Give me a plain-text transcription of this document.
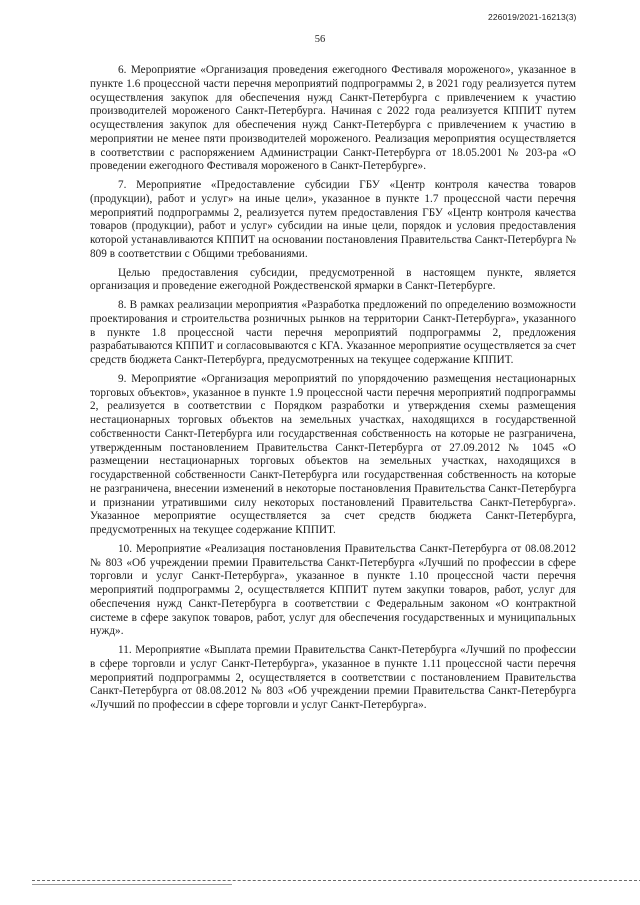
226019/2021-16213(3)
56

6. Мероприятие «Организация проведения ежегодного Фестиваля мороженого», указанное в пункте 1.6 процессной части перечня мероприятий подпрограммы 2, в 2021 году реализуется путем осуществления закупок для обеспечения нужд Санкт-Петербурга с привлечением к участию производителей мороженого Санкт-Петербурга. Начиная с 2022 года реализуется КППИТ путем осуществления закупок для обеспечения нужд Санкт-Петербурга с привлечением к участию в мероприятии не менее пяти производителей мороженого. Реализация мероприятия осуществляется в соответствии с распоряжением Администрации Санкт-Петербурга от 18.05.2001 № 203-ра «О проведении ежегодного Фестиваля мороженого в Санкт-Петербурге».

7. Мероприятие «Предоставление субсидии ГБУ «Центр контроля качества товаров (продукции), работ и услуг» на иные цели», указанное в пункте 1.7 процессной части перечня мероприятий подпрограммы 2, реализуется путем предоставления ГБУ «Центр контроля качества товаров (продукции), работ и услуг» субсидии на иные цели, порядок и условия предоставления которой устанавливаются КППИТ на основании постановления Правительства Санкт-Петербурга № 809 в соответствии с Общими требованиями.

Целью предоставления субсидии, предусмотренной в настоящем пункте, является организация и проведение ежегодной Рождественской ярмарки в Санкт-Петербурге.

8. В рамках реализации мероприятия «Разработка предложений по определению возможности проектирования и строительства розничных рынков на территории Санкт-Петербурга», указанного в пункте 1.8 процессной части перечня мероприятий подпрограммы 2, предложения разрабатываются КППИТ и согласовываются с КГА. Указанное мероприятие осуществляется за счет средств бюджета Санкт-Петербурга, предусмотренных на текущее содержание КППИТ.

9. Мероприятие «Организация мероприятий по упорядочению размещения нестационарных торговых объектов», указанное в пункте 1.9 процессной части перечня мероприятий подпрограммы 2, реализуется в соответствии с Порядком разработки и утверждения схемы размещения нестационарных торговых объектов на земельных участках, находящихся в государственной собственности Санкт-Петербурга или государственная собственность на которые не разграничена, утвержденным постановлением Правительства Санкт-Петербурга от 27.09.2012 № 1045 «О размещении нестационарных торговых объектов на земельных участках, находящихся в государственной собственности Санкт-Петербурга или государственная собственность на которые не разграничена, внесении изменений в некоторые постановления Правительства Санкт-Петербурга и признании утратившими силу некоторых постановлений Правительства Санкт-Петербурга». Указанное мероприятие осуществляется за счет средств бюджета Санкт-Петербурга, предусмотренных на текущее содержание КППИТ.

10. Мероприятие «Реализация постановления Правительства Санкт-Петербурга от 08.08.2012 № 803 «Об учреждении премии Правительства Санкт-Петербурга «Лучший по профессии в сфере торговли и услуг Санкт-Петербурга», указанное в пункте 1.10 процессной части перечня мероприятий подпрограммы 2, осуществляется КППИТ путем закупки товаров, работ, услуг для обеспечения нужд Санкт-Петербурга в соответствии с Федеральным законом «О контрактной системе в сфере закупок товаров, работ, услуг для обеспечения государственных и муниципальных нужд».

11. Мероприятие «Выплата премии Правительства Санкт-Петербурга «Лучший по профессии в сфере торговли и услуг Санкт-Петербурга», указанное в пункте 1.11 процессной части перечня мероприятий подпрограммы 2, осуществляется в соответствии с постановлением Правительства Санкт-Петербурга от 08.08.2012 № 803 «Об учреждении премии Правительства Санкт-Петербурга «Лучший по профессии в сфере торговли и услуг Санкт-Петербурга».
